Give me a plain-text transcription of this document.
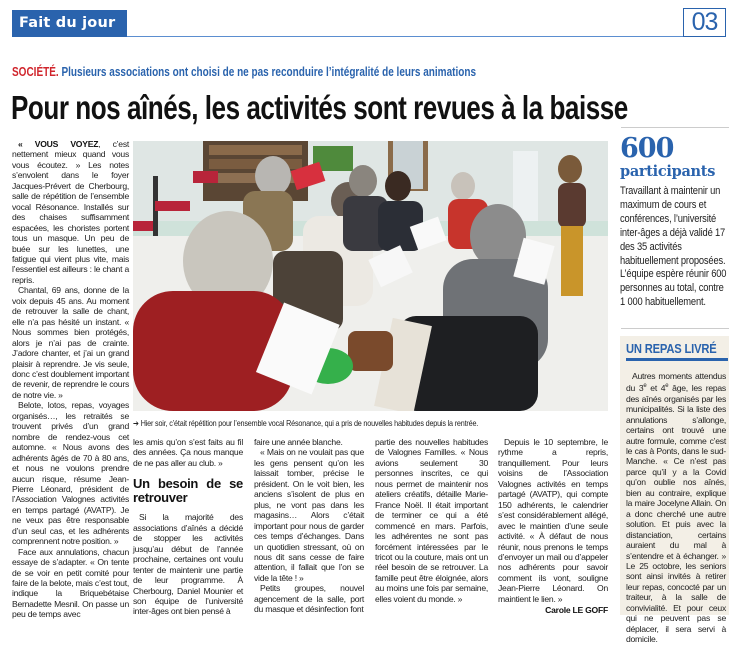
Fait du jour	03
SOCIÉTÉ. Plusieurs associations ont choisi de ne pas reconduire l’intégralité de leurs animations
Pour nos aînés, les activités sont revues à la baisse

« VOUS VOYEZ, c’est nettement mieux quand vous vous écoutez. » Les notes s’envolent dans le foyer Jacques-Prévert de Cherbourg, salle de répétition de l’ensemble vocal Résonance. Installés sur des chaises suffisamment espacées, les choristes portent tous un masque. Un peu de buée sur les lunettes, une fatigue qui vient plus vite, mais l’essentiel est ailleurs : le chant a repris.

Chantal, 69 ans, donne de la voix depuis 45 ans. Au moment de retrouver la salle de chant, elle n’a pas hésité un instant. « Nous sommes bien protégés, alors je n’ai pas de crainte. J’adore chanter, et j’ai un grand plaisir à reprendre. Je vis seule, donc c’est doublement important de revenir, de reprendre le cours de notre vie. »

Belote, lotos, repas, voyages organisés…, les retraités se trouvent privés d’un grand nombre de rendez-vous cet automne. « Nous avons des adhérents âgés de 70 à 80 ans, et nous ne voulons prendre aucun risque, résume Jean-Pierre Léonard, président de l’Association Valognes activités en temps partagé (AVATP). Je ne veux pas être responsable d’un seul cas, et les adhérents comprennent notre position. »

Face aux annulations, chacun essaye de s’adapter. « On tente de se voir en petit comité pour faire de la belote, mais c’est tout, indique la Briquebétaise Bernadette Mesnil. On passe un peu de temps avec

➔ Hier soir, c’était répétition pour l’ensemble vocal Résonance, qui a pris de nouvelles habitudes depuis la rentrée.

les amis qu’on s’est faits au fil des années. Ça nous manque de ne pas aller au club. »

Un besoin de se retrouver

Si la majorité des associations d’aînés a décidé de stopper les activités jusqu’au début de l’année prochaine, certaines ont voulu tenter de maintenir une partie de leur programme. À Cherbourg, Daniel Mounier et son équipe de l’université inter-âges ont bien pensé à

faire une année blanche.

« Mais on ne voulait pas que les gens pensent qu’on les laissait tomber, précise le président. On le voit bien, les anciens s’isolent de plus en plus, ne vont pas dans les magasins… Alors c’était important pour nous de garder ces temps d’échanges. Dans un quotidien stressant, où on nous dit sans cesse de faire attention, il fallait que l’on se vide la tête ! »

Petits groupes, nouvel agencement de la salle, port du masque et désinfection font

partie des nouvelles habitudes de Valognes Familles. « Nous avions seulement 30 personnes inscrites, ce qui nous permet de maintenir nos ateliers créatifs, détaille Marie-France Noël. Il était important de terminer ce qui a été commencé en mars. Parfois, les adhérentes ne sont pas forcément intéressées par le tricot ou la couture, mais ont un réel besoin de se retrouver. La famille peut être éloignée, alors au moins une fois par semaine, elles voient du monde. »

Depuis le 10 septembre, le rythme a repris, tranquillement. Pour leurs voisins de l’Association Valognes activités en temps partagé (AVATP), qui compte 150 adhérents, le calendrier s’est considérablement allégé, avec le maintien d’une seule activité. « À défaut de nous réunir, nous prenons le temps d’envoyer un mail ou d’appeler nos adhérents pour savoir comment ils vont, souligne Jean-Pierre Léonard. On maintient le lien. »

Carole LE GOFF
600
participants
Travaillant à maintenir un maximum de cours et conférences, l’université inter-âges a déjà validé 17 des 35 activités habituellement proposées. L’équipe espère réunir 600 personnes au total, contre 1 000 habituellement.
UN REPAS LIVRÉ

Autres moments attendus du 3e et 4e âge, les repas des aînés organisés par les municipalités. Si la liste des annulations s’allonge, certains ont trouvé une autre formule, comme c’est le cas à Ponts, dans le sud-Manche. « Ce n’est pas parce qu’il y a la Covid qu’on oublie nos aînés, bien au contraire, explique la maire Jocelyne Allain. On a donc cherché une autre solution. Et puis avec la distanciation, certains auraient du mal à s’entendre et à échanger. » Le 25 octobre, les seniors sont ainsi invités à retirer leur repas, concocté par un traiteur, à la salle de convivialité. Et pour ceux qui ne peuvent pas se déplacer, il sera servi à domicile.
